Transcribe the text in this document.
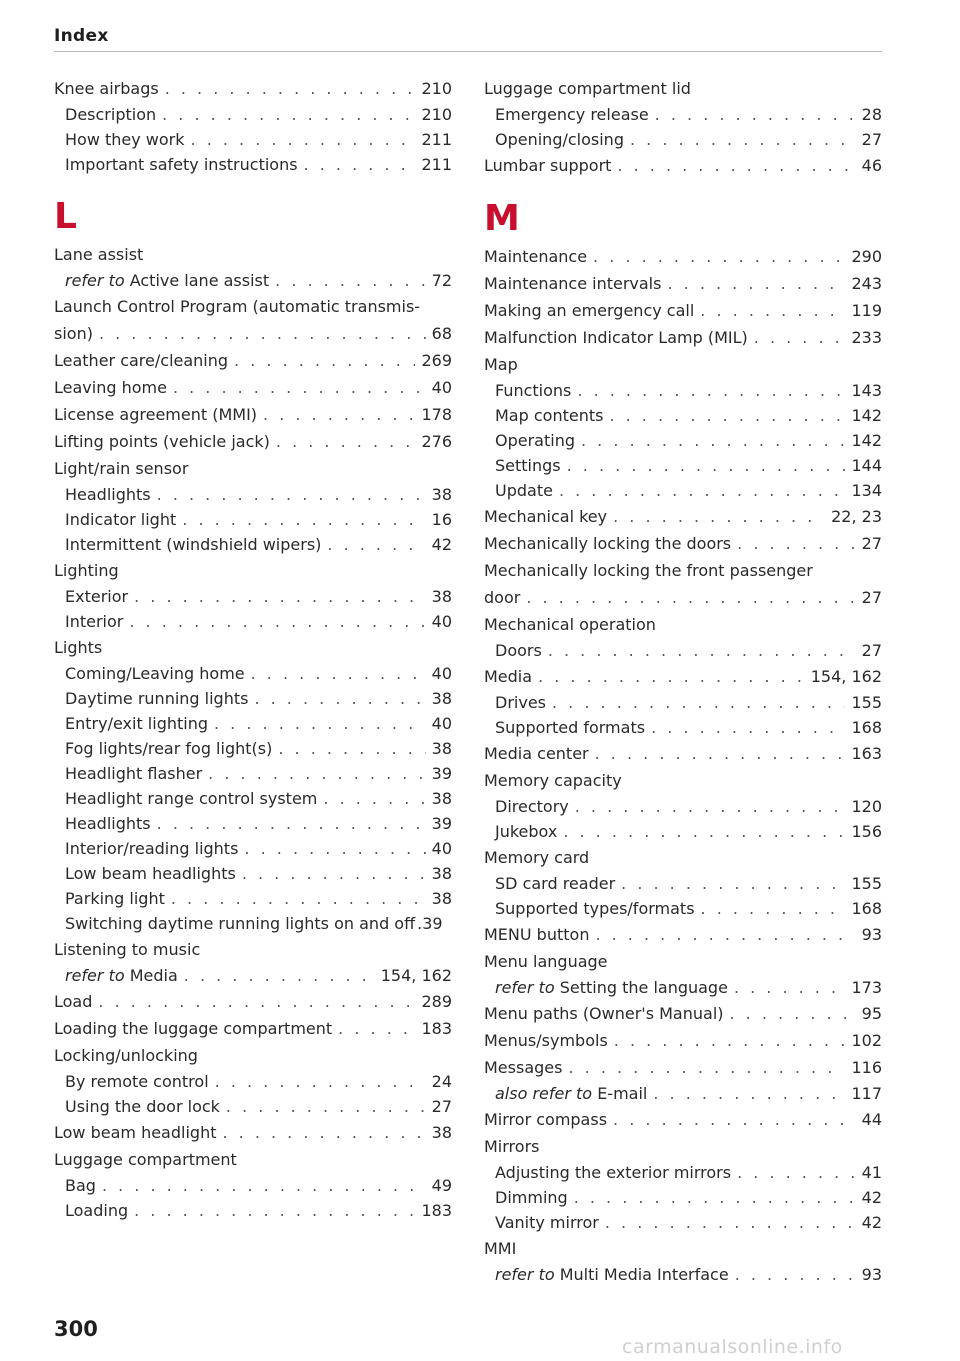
Index
Knee airbags . . .	210
Description . . .	210
How they work . . .	211
Important safety instructions . . .	211
L
Lane assist
refer to Active lane assist . . .	72
Launch Control Program (automatic transmis-
sion) . . .	68
Leather care/cleaning . . .	269
Leaving home . . .	40
License agreement (MMI) . . .	178
Lifting points (vehicle jack) . . .	276
Light/rain sensor
Headlights . . .	38
Indicator light . . .	16
Intermittent (windshield wipers) . . .	42
Lighting
Exterior . . .	38
Interior . . .	40
Lights
Coming/Leaving home . . .	40
Daytime running lights . . .	38
Entry/exit lighting . . .	40
Fog lights/rear fog light(s) . . .	38
Headlight flasher . . .	39
Headlight range control system . . .	38
Headlights . . .	39
Interior/reading lights . . .	40
Low beam headlights . . .	38
Parking light . . .	38
Switching daytime running lights on and off .39
Listening to music
refer to Media . . .	154, 162
Load . . .	289
Loading the luggage compartment . . .	183
Locking/unlocking
By remote control . . .	24
Using the door lock . . .	27
Low beam headlight . . .	38
Luggage compartment
Bag . . .	49
Loading . . .	183
Luggage compartment lid
Emergency release . . .	28
Opening/closing . . .	27
Lumbar support . . .	46
M
Maintenance . . .	290
Maintenance intervals . . .	243
Making an emergency call . . .	119
Malfunction Indicator Lamp (MIL) . . .	233
Map
Functions . . .	143
Map contents . . .	142
Operating . . .	142
Settings . . .	144
Update . . .	134
Mechanical key . . .	22, 23
Mechanically locking the doors . . .	27
Mechanically locking the front passenger
door . . .	27
Mechanical operation
Doors . . .	27
Media . . .	154, 162
Drives . . .	155
Supported formats . . .	168
Media center . . .	163
Memory capacity
Directory . . .	120
Jukebox . . .	156
Memory card
SD card reader . . .	155
Supported types/formats . . .	168
MENU button . . .	93
Menu language
refer to Setting the language . . .	173
Menu paths (Owner's Manual) . . .	95
Menus/symbols . . .	102
Messages . . .	116
also refer to E-mail . . .	117
Mirror compass . . .	44
Mirrors
Adjusting the exterior mirrors . . .	41
Dimming . . .	42
Vanity mirror . . .	42
MMI
refer to Multi Media Interface . . .	93
300
carmanualsonline.info
